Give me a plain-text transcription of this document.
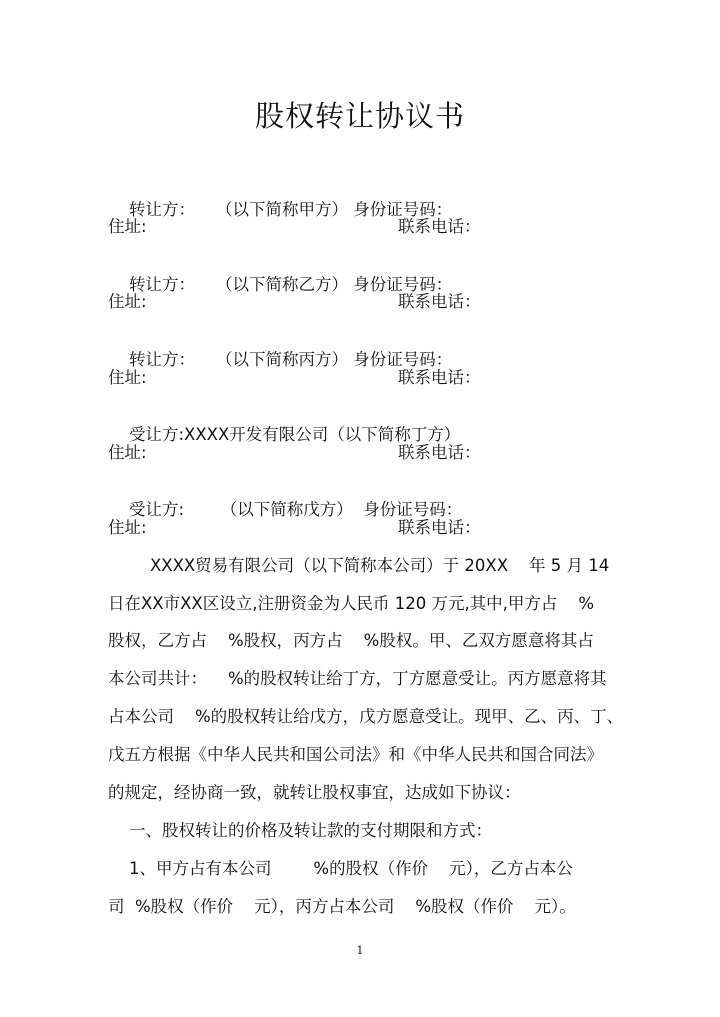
股权转让协议书

转让方： （以下简称甲方） 身份证号码：

住址:	联系电话：

转让方： （以下简称乙方） 身份证号码：

住址:	联系电话：

转让方： （以下简称丙方） 身份证号码：

住址:	联系电话：

受让方:XXXX开发有限公司（以下简称丁方）

住址:	联系电话：

受让方: （以下简称戊方） 身份证号码：

住址:	联系电话：
XXXX贸易有限公司（以下简称本公司）于 20XX    年 5 月 14
日在XX市XX区设立,注册资金为人民币 120 万元,其中,甲方占    %
股权，乙方占    %股权，丙方占    %股权。甲、乙双方愿意将其占
本公司共计：    %的股权转让给丁方，丁方愿意受让。丙方愿意将其
占本公司    %的股权转让给戊方，戊方愿意受让。现甲、乙、丙、丁、
戊五方根据《中华人民共和国公司法》和《中华人民共和国合同法》
的规定，经协商一致，就转让股权事宜，达成如下协议：
一、股权转让的价格及转让款的支付期限和方式：
1、甲方占有本公司        %的股权（作价    元），乙方占本公
司  %股权（作价    元），丙方占本公司    %股权（作价    元）。
1
